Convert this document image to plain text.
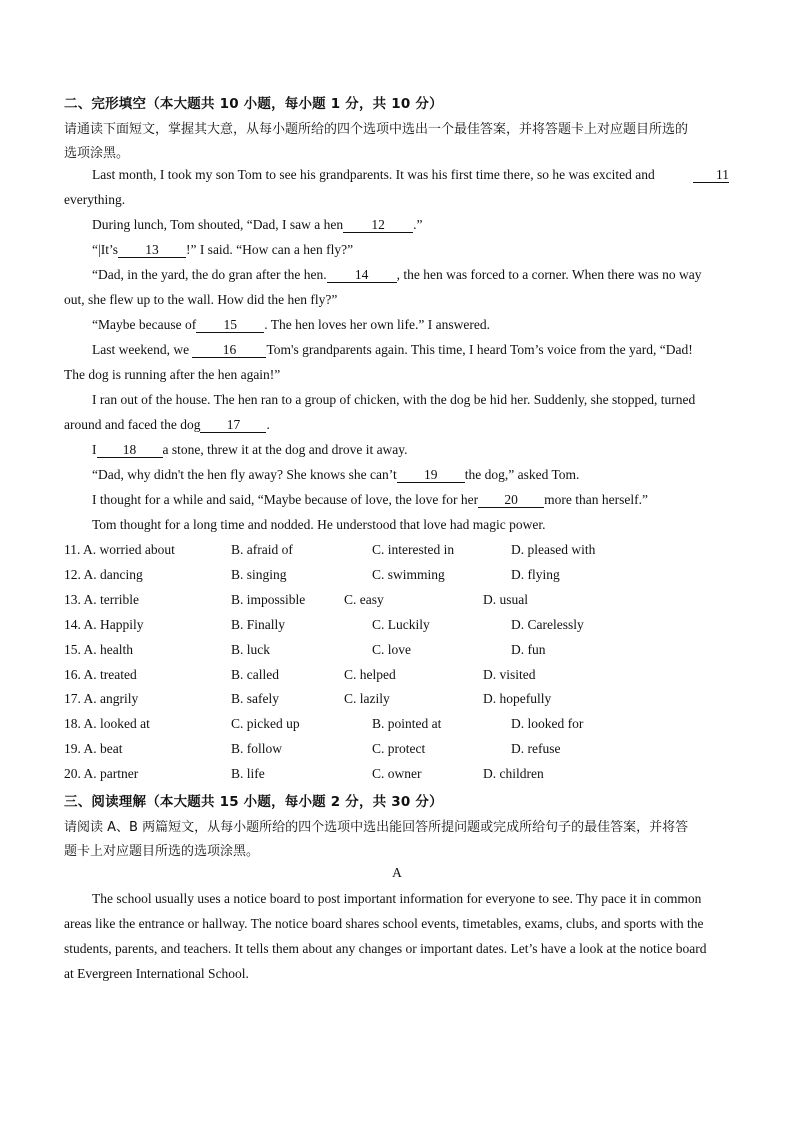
二、完形填空（本大题共 10 小题，每小题 1 分，共 10 分）
请通读下面短文，掌握其大意，从每小题所给的四个选项中选出一个最佳答案，并将答题卡上对应题目所选的
选项涂黑。
Last month, I took my son Tom to see his grandparents. It was his first time there, so he was excited and	11
everything.
During lunch, Tom shouted, “Dad, I saw a hen 12 .”
“|It’s 13 !” I said. “How can a hen fly?”
“Dad, in the yard, the do gran after the hen. 14 , the hen was forced to a corner. When there was no way
out, she flew up to the wall. How did the hen fly?”
“Maybe because of 15 . The hen loves her own life.” I answered.
Last weekend, we 16 Tom's grandparents again. This time, I heard Tom’s voice from the yard, “Dad!
The dog is running after the hen again!”
I ran out of the house. The hen ran to a group of chicken, with the dog be hid her. Suddenly, she stopped, turned
around and faced the dog 17 .
I 18 a stone, threw it at the dog and drove it away.
“Dad, why didn't the hen fly away? She knows she can’t 19 the dog,” asked Tom.
I thought for a while and said, “Maybe because of love, the love for her 20 more than herself.”
Tom thought for a long time and nodded. He understood that love had magic power.
11. A. worried about	B. afraid of	C. interested in	D. pleased with
12. A. dancing	B. singing	C. swimming	D. flying
13. A. terrible	B. impossible	C. easy	D. usual
14. A. Happily	B. Finally	C. Luckily	D. Carelessly
15. A. health	B. luck	C. love	D. fun
16. A. treated	B. called	C. helped	D. visited
17. A. angrily	B. safely	C. lazily	D. hopefully
18. A. looked at	C. picked up	B. pointed at	D. looked for
19. A. beat	B. follow	C. protect	D. refuse
20. A. partner	B. life	C. owner	D. children
三、阅读理解（本大题共 15 小题，每小题 2 分，共 30 分）
请阅读 A、B 两篇短文，从每小题所给的四个选项中选出能回答所提问题或完成所给句子的最佳答案，并将答
题卡上对应题目所选的选项涂黑。
A
The school usually uses a notice board to post important information for everyone to see. Thy pace it in common
areas like the entrance or hallway. The notice board shares school events, timetables, exams, clubs, and sports with the
students, parents, and teachers. It tells them about any changes or important dates. Let’s have a look at the notice board
at Evergreen International School.
